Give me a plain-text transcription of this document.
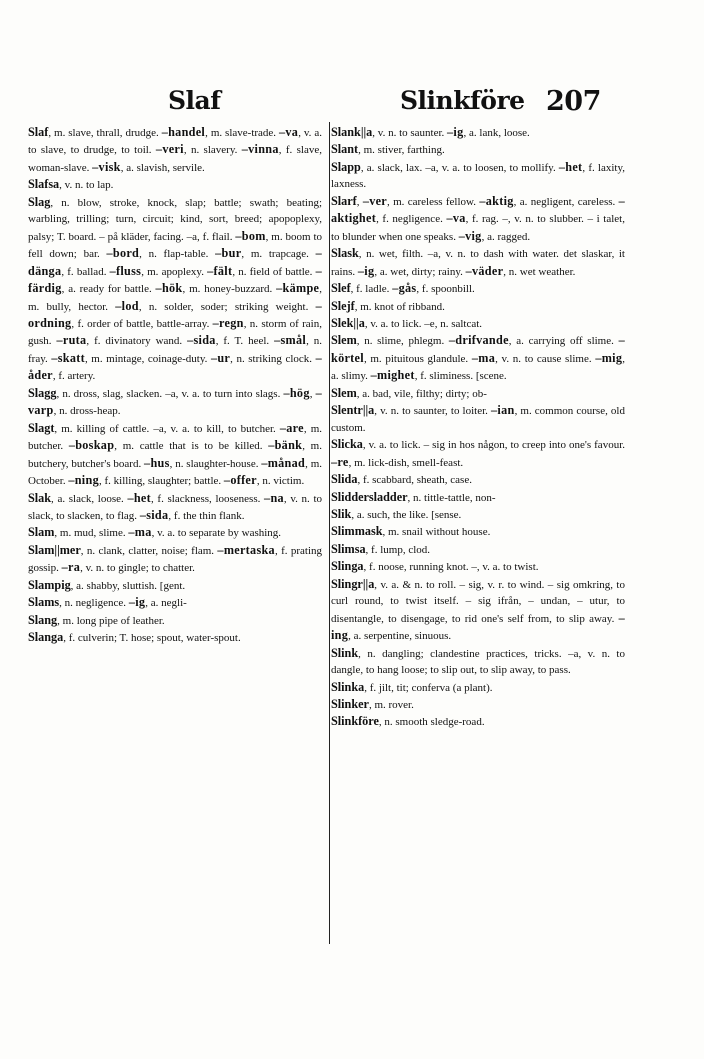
Slaf	Slinkföre 207

Slaf, m. slave, thrall, drudge. –handel, m. slave-trade. –va, v. a. to slave, to drudge, to toil. –veri, n. slavery. –vinna, f. slave, woman-slave. –visk, a. slavish, servile.

Slafsa, v. n. to lap.

Slag, n. blow, stroke, knock, slap; battle; swath; beating; warbling, trilling; turn, circuit; kind, sort, breed; apopoplexy, palsy; T. board. – på kläder, facing. –a, f. flail. –bom, m. boom to fell down; bar. –bord, n. flap-table. –bur, m. trapcage. –dänga, f. ballad. –fluss, m. apoplexy. –fält, n. field of battle. –färdig, a. ready for battle. –hök, m. honey-buzzard. –kämpe, m. bully, hector. –lod, n. solder, soder; striking weight. –ordning, f. order of battle, battle-array. –regn, n. storm of rain, gush. –ruta, f. divinatory wand. –sida, f. T. heel. –smål, n. fray. –skatt, m. mintage, coinage-duty. –ur, n. striking clock. –åder, f. artery.

Slagg, n. dross, slag, slacken. –a, v. a. to turn into slags. –hög, –varp, n. dross-heap.

Slagt, m. killing of cattle. –a, v. a. to kill, to butcher. –are, m. butcher. –boskap, m. cattle that is to be killed. –bänk, m. butchery, butcher's board. –hus, n. slaughter-house. –månad, m. October. –ning, f. killing, slaughter; battle. –offer, n. victim.

Slak, a. slack, loose. –het, f. slackness, looseness. –na, v. n. to slack, to slacken, to flag. –sida, f. the thin flank.

Slam, m. mud, slime. –ma, v. a. to separate by washing.

Slam||mer, n. clank, clatter, noise; flam. –mertaska, f. prating gossip. –ra, v. n. to gingle; to chatter.

Slampig, a. shabby, sluttish. [gent.

Slams, n. negligence. –ig, a. negli-

Slang, m. long pipe of leather.

Slanga, f. culverin; T. hose; spout, water-spout.

Slank||a, v. n. to saunter. –ig, a. lank, loose.

Slant, m. stiver, farthing.

Slapp, a. slack, lax. –a, v. a. to loosen, to mollify. –het, f. laxity, laxness.

Slarf, –ver, m. careless fellow. –aktig, a. negligent, careless. –aktighet, f. negligence. –va, f. rag. –, v. n. to slubber. – i talet, to blunder when one speaks. –vig, a. ragged.

Slask, n. wet, filth. –a, v. n. to dash with water. det slaskar, it rains. –ig, a. wet, dirty; rainy. –väder, n. wet weather.

Slef, f. ladle. –gås, f. spoonbill.

Slejf, m. knot of ribband.

Slek||a, v. a. to lick. –e, n. saltcat.

Slem, n. slime, phlegm. –drifvande, a. carrying off slime. –körtel, m. pituitous glandule. –ma, v. n. to cause slime. –mig, a. slimy. –mighet, f. sliminess. [scene.

Slem, a. bad, vile, filthy; dirty; ob-

Slentr||a, v. n. to saunter, to loiter. –ian, m. common course, old custom.

Slicka, v. a. to lick. – sig in hos någon, to creep into one's favour. –re, m. lick-dish, smell-feast.

Slida, f. scabbard, sheath, case.

Sliddersladder, n. tittle-tattle, non-

Slik, a. such, the like. [sense.

Slimmask, m. snail without house.

Slimsa, f. lump, clod.

Slinga, f. noose, running knot. –, v. a. to twist.

Slingr||a, v. a. & n. to roll. – sig, v. r. to wind. – sig omkring, to curl round, to twist itself. – sig ifrån, – undan, – utur, to disentangle, to disengage, to rid one's self from, to slip away. –ing, a. serpentine, sinuous.

Slink, n. dangling; clandestine practices, tricks. –a, v. n. to dangle, to hang loose; to slip out, to slip away, to pass.

Slinka, f. jilt, tit; conferva (a plant).

Slinker, m. rover.

Slinkföre, n. smooth sledge-road.
